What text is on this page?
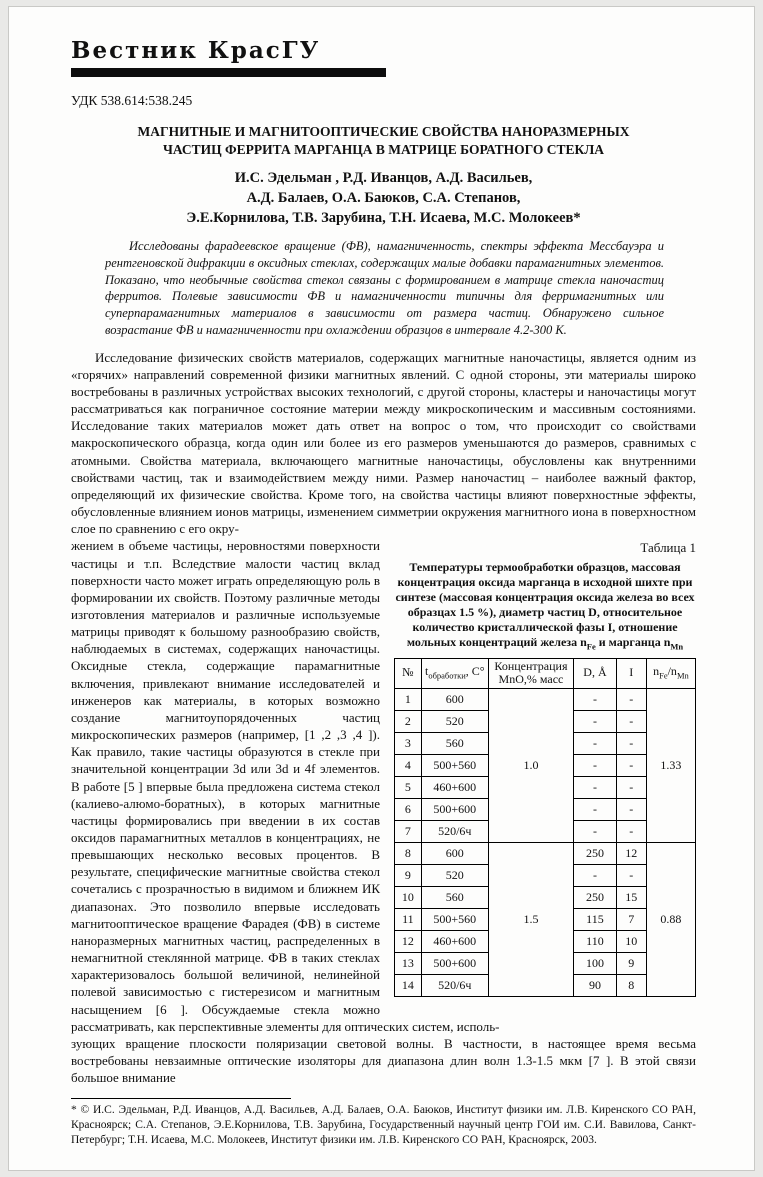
Вестник КрасГУ
УДК 538.614:538.245
МАГНИТНЫЕ И МАГНИТООПТИЧЕСКИЕ СВОЙСТВА НАНОРАЗМЕРНЫХ ЧАСТИЦ ФЕРРИТА МАРГАНЦА В МАТРИЦЕ БОРАТНОГО СТЕКЛА
И.С. Эдельман , Р.Д. Иванцов, А.Д. Васильев,
А.Д. Балаев, О.А. Баюков, С.А. Степанов,
Э.Е.Корнилова, Т.В. Зарубина, Т.Н. Исаева, М.С. Молокеев*
Исследованы фарадеевское вращение (ФВ), намагниченность, спектры эффекта Мессбауэра и рентгеновской дифракции в оксидных стеклах, содержащих малые добавки парамагнитных элементов. Показано, что необычные свойства стекол связаны с формированием в матрице стекла наночастиц ферритов. Полевые зависимости ФВ и намагниченности типичны для ферримагнитных или суперпарамагнитных материалов в зависимости от размера частиц. Обнаружено сильное возрастание ФВ и намагниченности при охлаждении образцов в интервале 4.2-300 К.

Исследование физических свойств материалов, содержащих магнитные наночастицы, является одним из «горячих» направлений современной физики магнитных явлений. С одной стороны, эти материалы широко востребованы в различных устройствах высоких технологий, с другой стороны, кластеры и наночастицы могут рассматриваться как пограничное состояние материи между микроскопическим и массивным состояниями. Исследование таких материалов может дать ответ на вопрос о том, что происходит со свойствами макроскопического образца, когда один или более из его размеров уменьшаются до размеров, сравнимых с атомными. Свойства материала, включающего магнитные наночастицы, обусловлены как внутренними свойствами частиц, так и взаимодействием между ними. Размер наночастиц – наиболее важный фактор, определяющий их физические свойства. Кроме того, на свойства частицы влияют поверхностные эффекты, обусловленные влиянием ионов матрицы, изменением симметрии окружения магнитного иона в поверхностном слое по сравнению с его окру-

Таблица 1
Температуры термообработки образцов, массовая концентрация оксида марганца в исходной шихте при синтезе (массовая концентрация оксида железа во всех образцах 1.5 %), диаметр частиц D, относительное количество кристаллической фазы I, отношение мольных концентраций железа $n_{Fe}$ и марганца $n_{Mn}$
№	$t_{обработки}$, C°	Концентрация MnO,% масс	D, Å	I	$n_{Fe}/n_{Mn}$
1	600	1.0	-	-	1.33
2	520		-	-	
3	560		-	-	
4	500+560		-	-	
5	460+600		-	-	
6	500+600		-	-	
7	520/6ч		-	-	
8	600	1.5	250	12	0.88
9	520		-	-	
10	560		250	15	
11	500+560		115	7	
12	460+600		110	10	
13	500+600		100	9	
14	520/6ч		90	8	

жением в объеме частицы, неровностями поверхности частицы и т.п. Вследствие малости частиц вклад поверхности часто может играть определяющую роль в формировании их свойств. Поэтому различные методы изготовления материалов и различные используемые матрицы приводят к большому разнообразию свойств, наблюдаемых в системах, содержащих наночастицы. Оксидные стекла, содержащие парамагнитные включения, привлекают внимание исследователей и инженеров как материалы, в которых возможно создание магнитоупорядоченных частиц микроскопических размеров (например, [1 ,2 ,3 ,4 ]). Как правило, такие частицы образуются в стекле при значительной концентрации 3d или 3d и 4f элементов. В работе [5 ] впервые была предложена система стекол (калиево-алюмо-боратных), в которых магнитные частицы формировались при введении в их состав оксидов парамагнитных металлов в концентрациях, не превышающих несколько весовых процентов. В результате, специфические магнитные свойства стекол сочетались с прозрачностью в видимом и ближнем ИК диапазонах. Это позволило впервые исследовать магнитооптическое вращение Фарадея (ФВ) в системе наноразмерных магнитных частиц, распределенных в немагнитной стеклянной матрице. ФВ в таких стеклах характеризовалось большой величиной, нелинейной полевой зависимостью с гистерезисом и магнитным насыщением [6 ]. Обсуждаемые стекла можно рассматривать, как перспективные элементы для оптических систем, исполь-

зующих вращение плоскости поляризации световой волны. В частности, в настоящее время весьма востребованы невзаимные оптические изоляторы для диапазона длин волн 1.3-1.5 мкм [7 ]. В этой связи большое внимание

* © И.С. Эдельман, Р.Д. Иванцов, А.Д. Васильев, А.Д. Балаев, О.А. Баюков, Институт физики им. Л.В. Киренского СО РАН, Красноярск; С.А. Степанов, Э.Е.Корнилова, Т.В. Зарубина, Государственный научный центр ГОИ им. С.И. Вавилова, Санкт-Петербург; Т.Н. Исаева, М.С. Молокеев, Институт физики им. Л.В. Киренского СО РАН, Красноярск, 2003.
